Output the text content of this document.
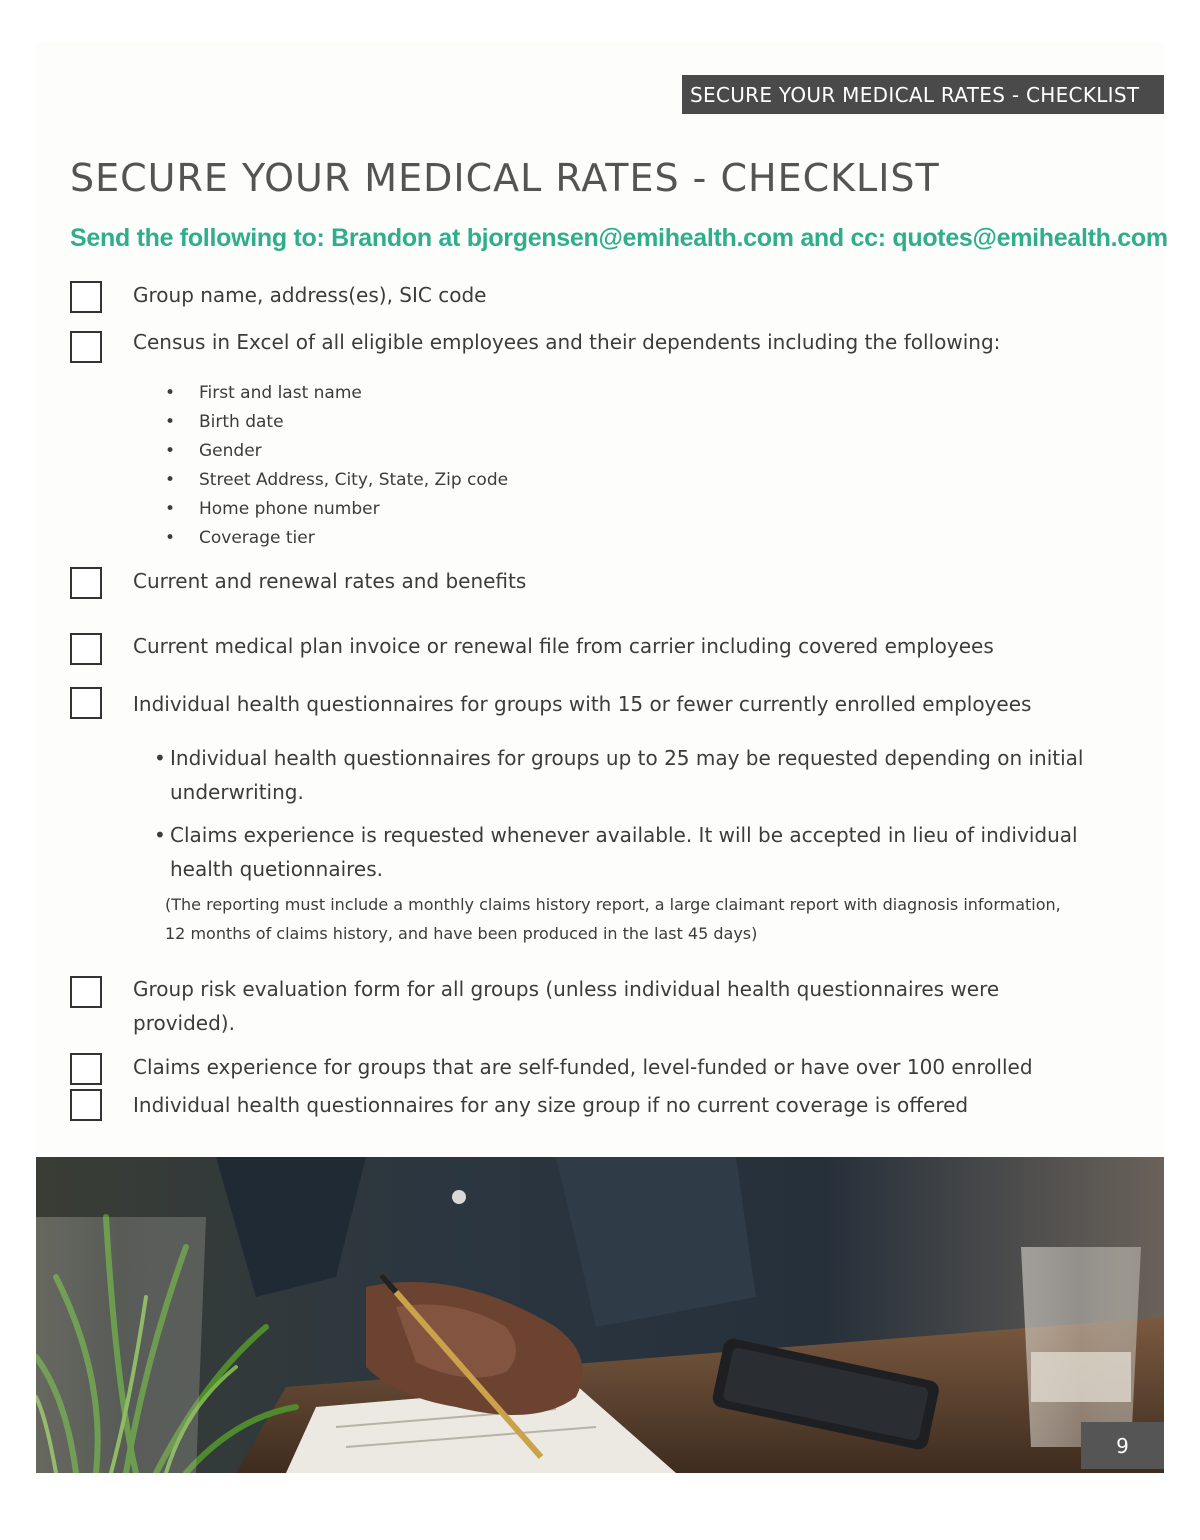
SECURE YOUR MEDICAL RATES - CHECKLIST
SECURE YOUR MEDICAL RATES - CHECKLIST
Send the following to: Brandon at bjorgensen@emihealth.com and cc: quotes@emihealth.com
Group name, address(es), SIC code
Census in Excel of all eligible employees and their dependents including the following:
• First and last name
• Birth date
• Gender
• Street Address, City, State, Zip code
• Home phone number
• Coverage tier
Current and renewal rates and benefits
Current medical plan invoice or renewal file from carrier including covered employees
Individual health questionnaires for groups with 15 or fewer currently enrolled employees
• Individual health questionnaires for groups up to 25 may be requested depending on initial
underwriting.
• Claims experience is requested whenever available. It will be accepted in lieu of individual
health quetionnaires.
(The reporting must include a monthly claims history report, a large claimant report with diagnosis information,
12 months of claims history, and have been produced in the last 45 days)
Group risk evaluation form for all groups (unless individual health questionnaires were
provided).
Claims experience for groups that are self-funded, level-funded or have over 100 enrolled
Individual health questionnaires for any size group if no current coverage is offered
9
